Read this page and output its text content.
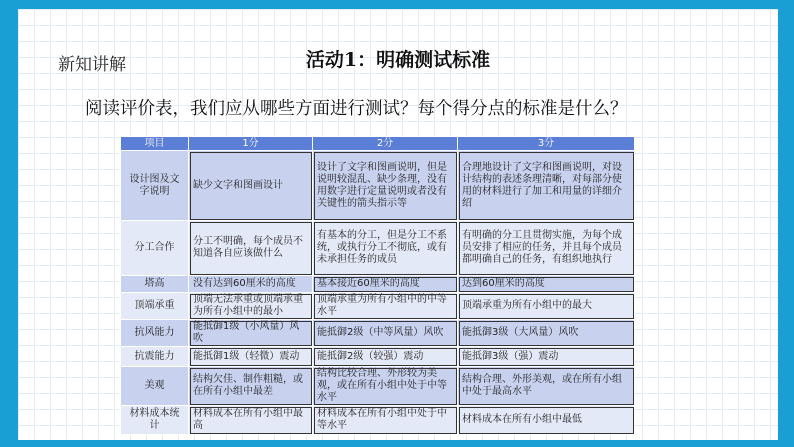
新知讲解	活动1：明确测试标准
阅读评价表，我们应从哪些方面进行测试？每个得分点的标准是什么？
项目	1分	2分	3分
设计图及文字说明	缺少文字和图画设计	设计了文字和图画说明，但是说明较混乱、缺少条理，没有用数字进行定量说明或者没有关键性的箭头指示等	合理地设计了文字和图画说明，对设计结构的表述条理清晰，对每部分使用的材料进行了加工和用量的详细介绍
分工合作	分工不明确，每个成员不知道各自应该做什么	有基本的分工，但是分工不系统，或执行分工不彻底，或有未承担任务的成员	有明确的分工且贯彻实施，为每个成员安排了相应的任务，并且每个成员都明确自己的任务，有组织地执行
塔高	没有达到60厘米的高度	基本接近60厘米的高度	达到60厘米的高度
顶端承重	顶端无法承重或顶端承重为所有小组中的最小	顶端承重为所有小组中的中等水平	顶端承重为所有小组中的最大
抗风能力	能抵御1级（小风量）风吹	能抵御2级（中等风量）风吹	能抵御3级（大风量）风吹
抗震能力	能抵御1级（轻微）震动	能抵御2级（较强）震动	能抵御3级（强）震动
美观	结构欠佳、制作粗糙，或在所有小组中最差	结构比较合理、外形较为美观，或在所有小组中处于中等水平	结构合理、外形美观，或在所有小组中处于最高水平
材料成本统计	材料成本在所有小组中最高	材料成本在所有小组中处于中等水平	材料成本在所有小组中最低
